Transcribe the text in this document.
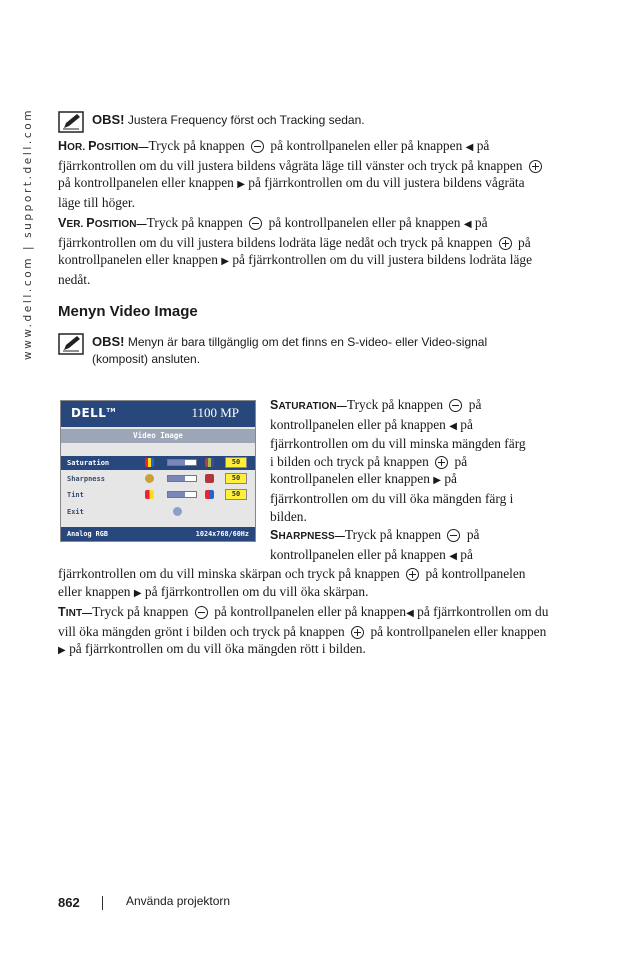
www.dell.com | support.dell.com	OBS! Justera Frequency först och Tracking sedan.
HOR. POSITION—Tryck på knappen på kontrollpanelen eller på knappen ◀ på fjärrkontrollen om du vill justera bildens vågräta läge till vänster och tryck på knappen  på kontrollpanelen eller knappen ▶ på fjärrkontrollen om du vill justera bildens vågräta läge till höger.
VER. POSITION—Tryck på knappen på kontrollpanelen eller på knappen ◀ på fjärrkontrollen om du vill justera bildens lodräta läge nedåt och tryck på knappen på kontrollpanelen eller knappen ▶ på fjärrkontrollen om du vill justera bildens lodräta läge nedåt.
Menyn Video Image
OBS! Menyn är bara tillgänglig om det finns en S-video- eller Video-signal (komposit) ansluten.
DELL™	1100 MP
Video Image
Saturation	50
Sharpness	50
Tint	50
Exit
Analog RGB	1024x768/60Hz
SATURATION—Tryck på knappen på kontrollpanelen eller på knappen ◀ på fjärrkontrollen om du vill minska mängden färg i bilden och tryck på knappen på kontrollpanelen eller knappen ▶ på fjärrkontrollen om du vill öka mängden färg i bilden.
SHARPNESS—Tryck på knappen på kontrollpanelen eller på knappen ◀ på fjärrkontrollen om du vill minska skärpan och tryck på knappen på kontrollpanelen eller knappen ▶ på fjärrkontrollen om du vill öka skärpan.
TINT—Tryck på knappen på kontrollpanelen eller på knappen◀ på fjärrkontrollen om du vill öka mängden grönt i bilden och tryck på knappen på kontrollpanelen eller knappen ▶ på fjärrkontrollen om du vill öka mängden rött i bilden.
862	Använda projektorn
